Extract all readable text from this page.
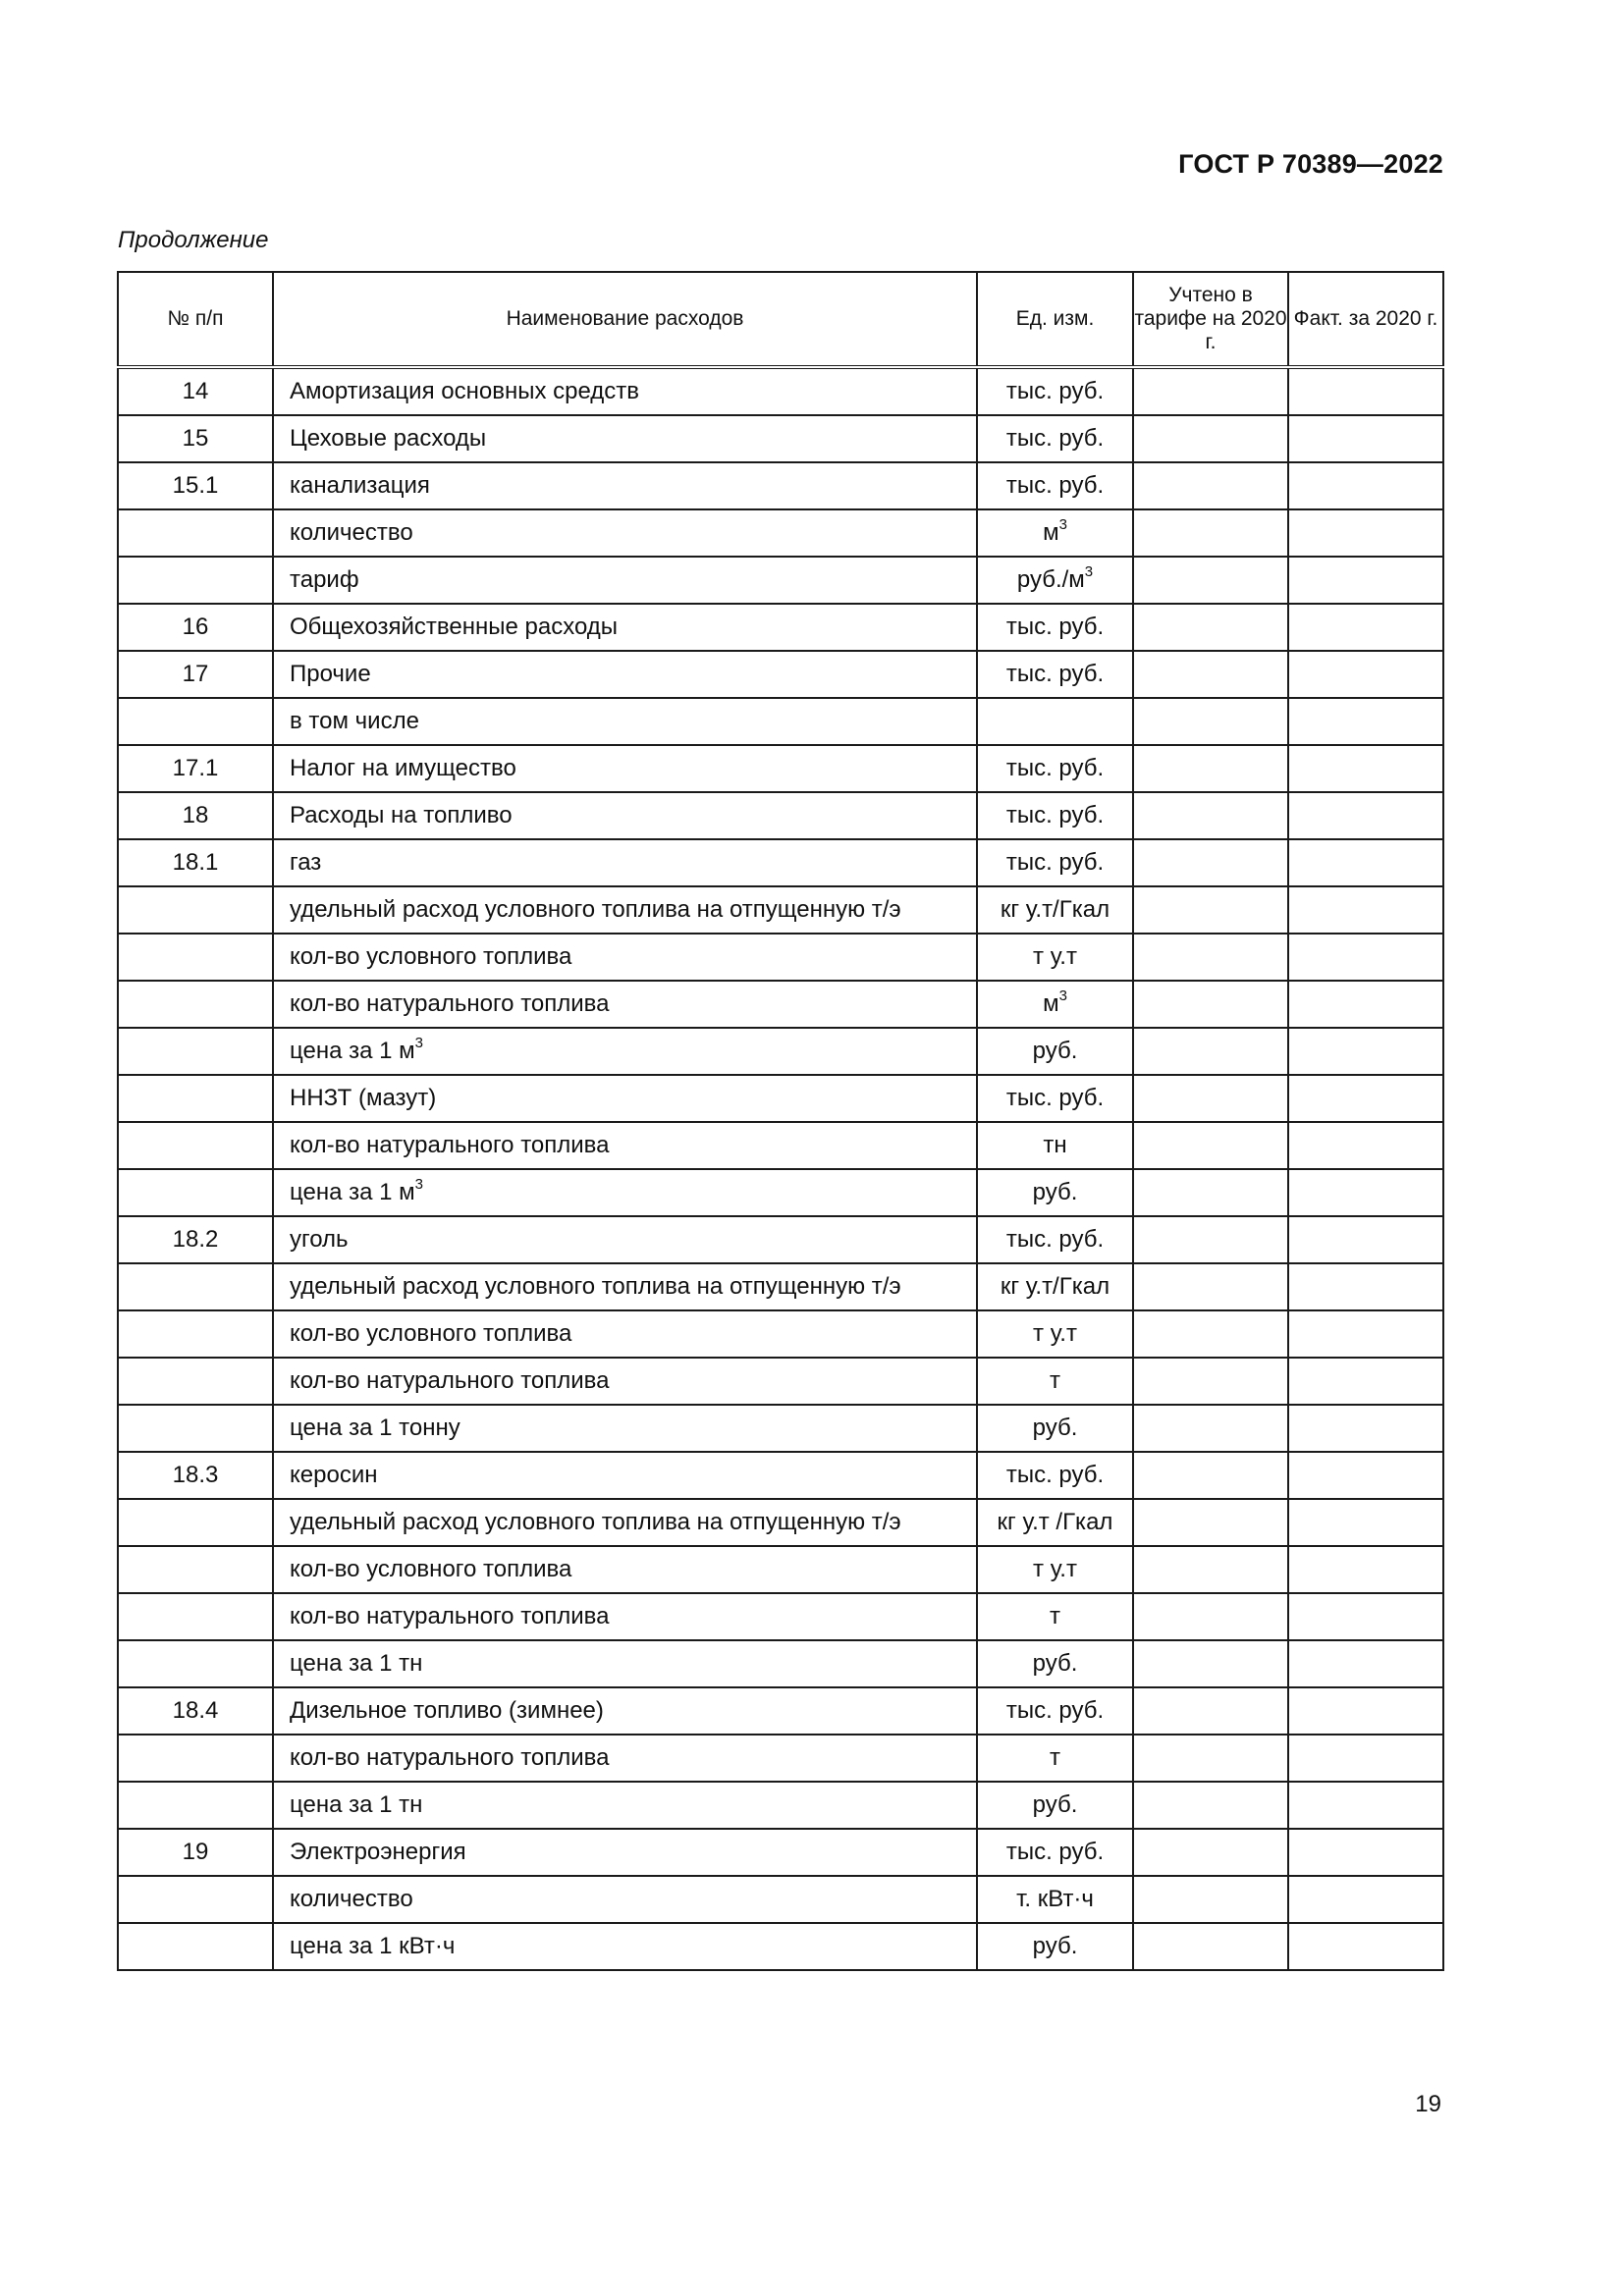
ГОСТ Р 70389—2022
Продолжение
№ п/п	Наименование расходов	Ед. изм.	Учтено в тарифе на 2020 г.	Факт. за 2020 г.
14	Амортизация основных средств	тыс. руб.		
15	Цеховые расходы	тыс. руб.		
15.1	канализация	тыс. руб.		
	количество	$м^3$		
	тариф	$руб./м^3$		
16	Общехозяйственные расходы	тыс. руб.		
17	Прочие	тыс. руб.		
	в том числе			
17.1	Налог на имущество	тыс. руб.		
18	Расходы на топливо	тыс. руб.		
18.1	газ	тыс. руб.		
	удельный расход условного топлива на отпущенную т/э	кг у.т/Гкал		
	кол-во условного топлива	т у.т		
	кол-во натурального топлива	$м^3$		
	цена за 1 $м^3$	руб.		
	ННЗТ (мазут)	тыс. руб.		
	кол-во натурального топлива	тн		
	цена за 1 $м^3$	руб.		
18.2	уголь	тыс. руб.		
	удельный расход условного топлива на отпущенную т/э	кг у.т/Гкал		
	кол-во условного топлива	т у.т		
	кол-во натурального топлива	т		
	цена за 1 тонну	руб.		
18.3	керосин	тыс. руб.		
	удельный расход условного топлива на отпущенную т/э	кг у.т /Гкал		
	кол-во условного топлива	т у.т		
	кол-во натурального топлива	т		
	цена за 1 тн	руб.		
18.4	Дизельное топливо (зимнее)	тыс. руб.		
	кол-во натурального топлива	т		
	цена за 1 тн	руб.		
19	Электроэнергия	тыс. руб.		
	количество	т. кВт·ч		
	цена за 1 кВт·ч	руб.		
19
